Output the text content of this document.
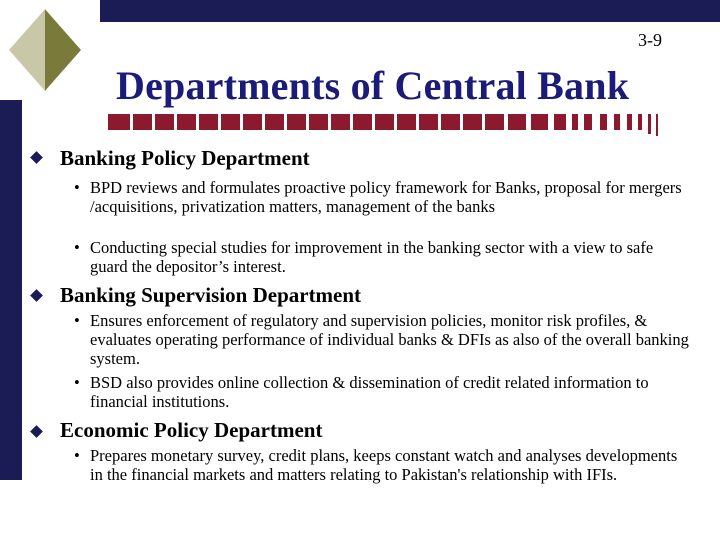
3-9
Departments of Central Bank
Banking Policy Department
• BPD reviews and formulates proactive policy framework for Banks, proposal for mergers /acquisitions, privatization matters, management of the banks
• Conducting special studies for improvement in the banking sector with a view to safe guard the depositor’s interest.
Banking Supervision Department
• Ensures enforcement of regulatory and supervision policies, monitor risk profiles, & evaluates operating performance of individual banks & DFIs as also of the overall banking system.
• BSD also provides online collection & dissemination of credit related information to financial institutions.
Economic Policy Department
• Prepares monetary survey, credit plans, keeps constant watch and analyses developments in the financial markets and matters relating to Pakistan's relationship with IFIs.
